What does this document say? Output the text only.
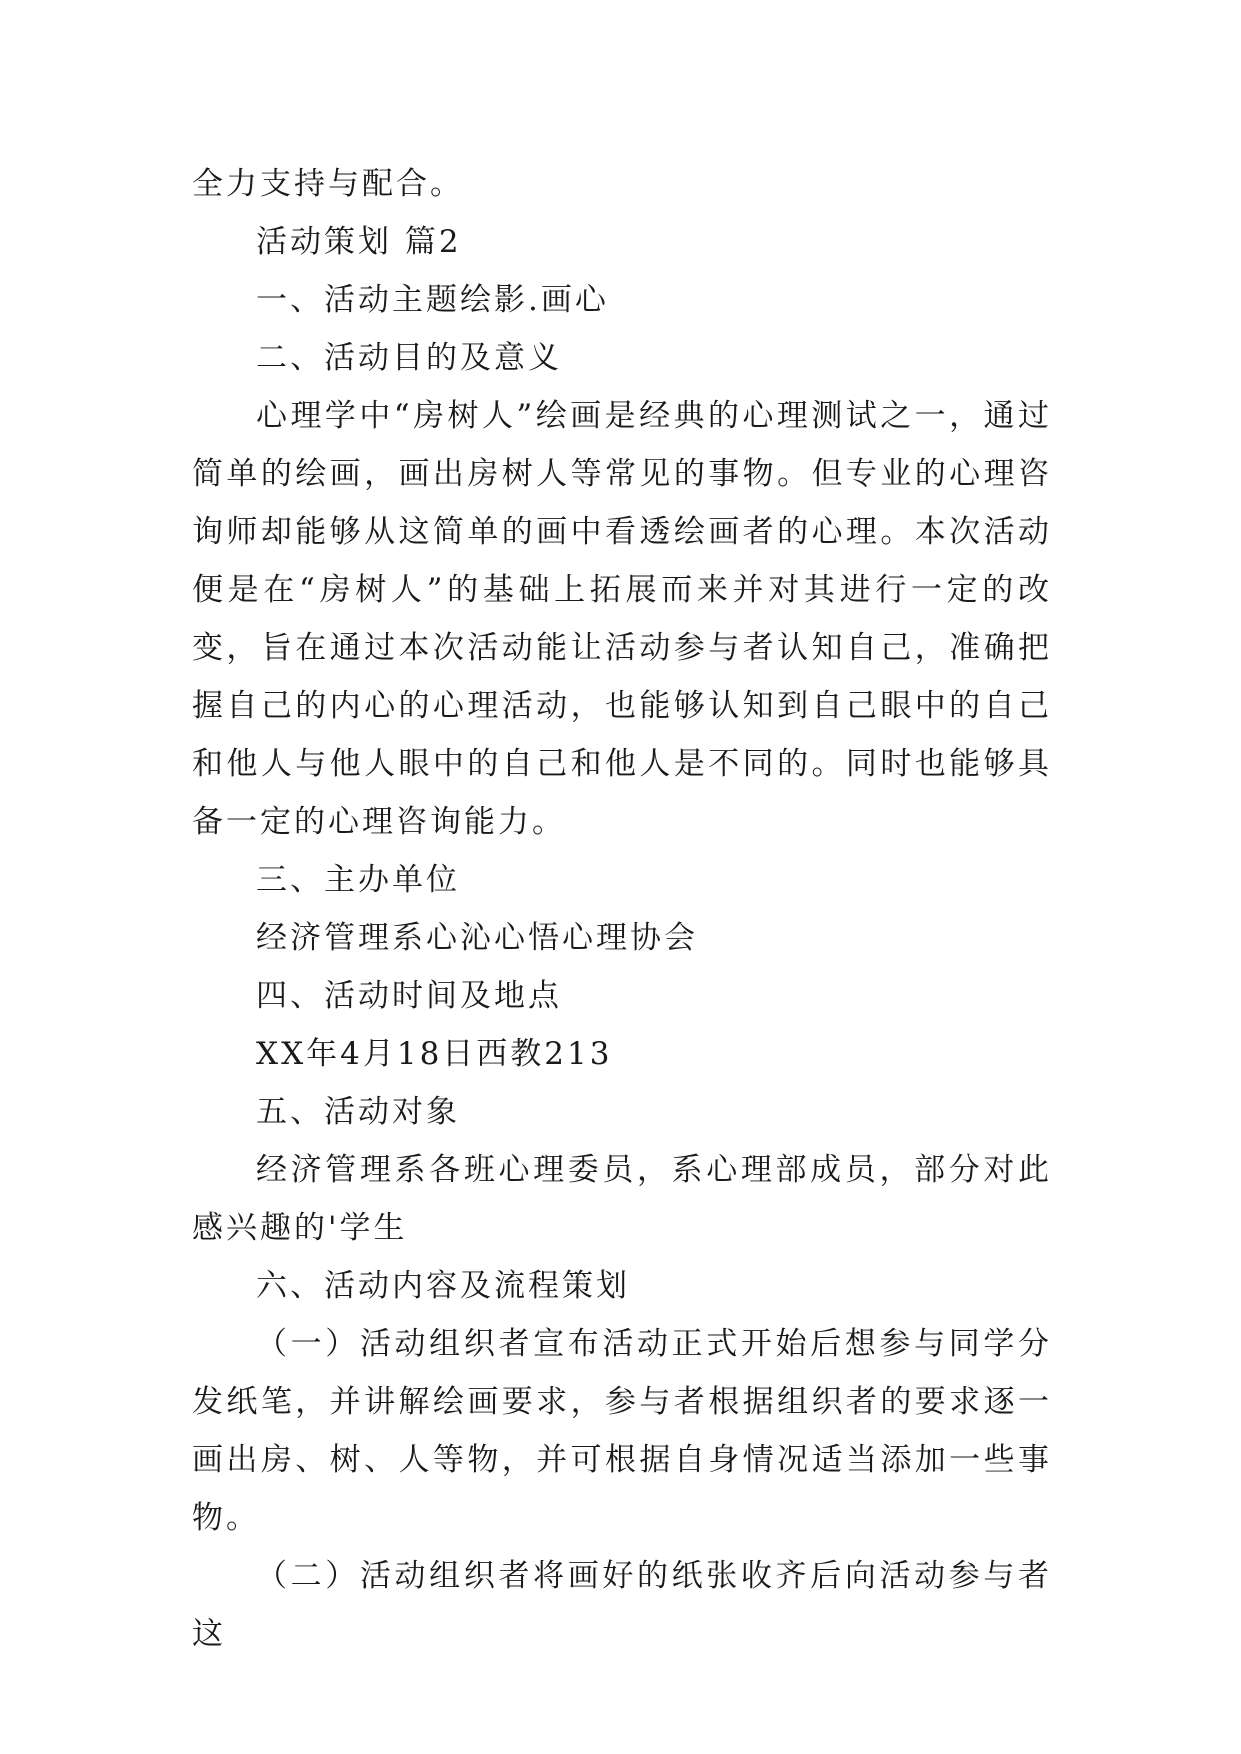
全力支持与配合。

活动策划 篇2

一、活动主题绘影.画心

二、活动目的及意义

心理学中“房树人”绘画是经典的心理测试之一，通过简单的绘画，画出房树人等常见的事物。但专业的心理咨询师却能够从这简单的画中看透绘画者的心理。本次活动便是在“房树人”的基础上拓展而来并对其进行一定的改变，旨在通过本次活动能让活动参与者认知自己，准确把握自己的内心的心理活动，也能够认知到自己眼中的自己和他人与他人眼中的自己和他人是不同的。同时也能够具备一定的心理咨询能力。

三、主办单位

经济管理系心沁心悟心理协会

四、活动时间及地点

XX年4月18日西教213

五、活动对象

经济管理系各班心理委员，系心理部成员，部分对此感兴趣的'学生

六、活动内容及流程策划

（一）活动组织者宣布活动正式开始后想参与同学分发纸笔，并讲解绘画要求，参与者根据组织者的要求逐一画出房、树、人等物，并可根据自身情况适当添加一些事物。

（二）活动组织者将画好的纸张收齐后向活动参与者这
